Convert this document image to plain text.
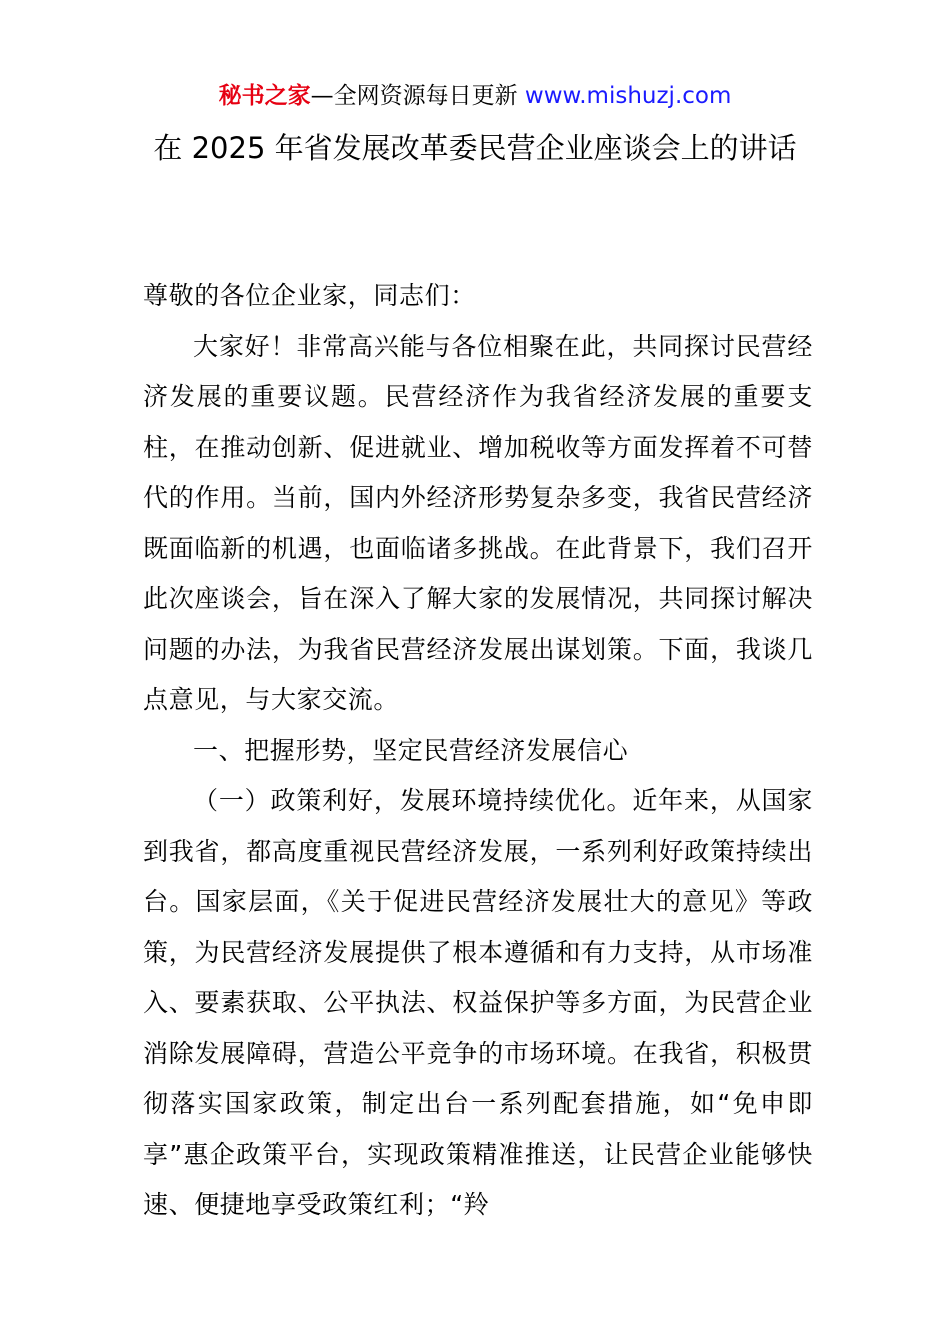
秘书之家—全网资源每日更新 www.mishuzj.com
在 2025 年省发展改革委民营企业座谈会上的讲话

尊敬的各位企业家，同志们：

大家好！非常高兴能与各位相聚在此，共同探讨民营经济发展的重要议题。民营经济作为我省经济发展的重要支柱，在推动创新、促进就业、增加税收等方面发挥着不可替代的作用。当前，国内外经济形势复杂多变，我省民营经济既面临新的机遇，也面临诸多挑战。在此背景下，我们召开此次座谈会，旨在深入了解大家的发展情况，共同探讨解决问题的办法，为我省民营经济发展出谋划策。下面，我谈几点意见，与大家交流。

一、把握形势，坚定民营经济发展信心

（一）政策利好，发展环境持续优化。近年来，从国家到我省，都高度重视民营经济发展，一系列利好政策持续出台。国家层面，《关于促进民营经济发展壮大的意见》等政策，为民营经济发展提供了根本遵循和有力支持，从市场准入、要素获取、公平执法、权益保护等多方面，为民营企业消除发展障碍，营造公平竞争的市场环境。在我省，积极贯彻落实国家政策，制定出台一系列配套措施，如“免申即享”惠企政策平台，实现政策精准推送，让民营企业能够快速、便捷地享受政策红利；“羚
